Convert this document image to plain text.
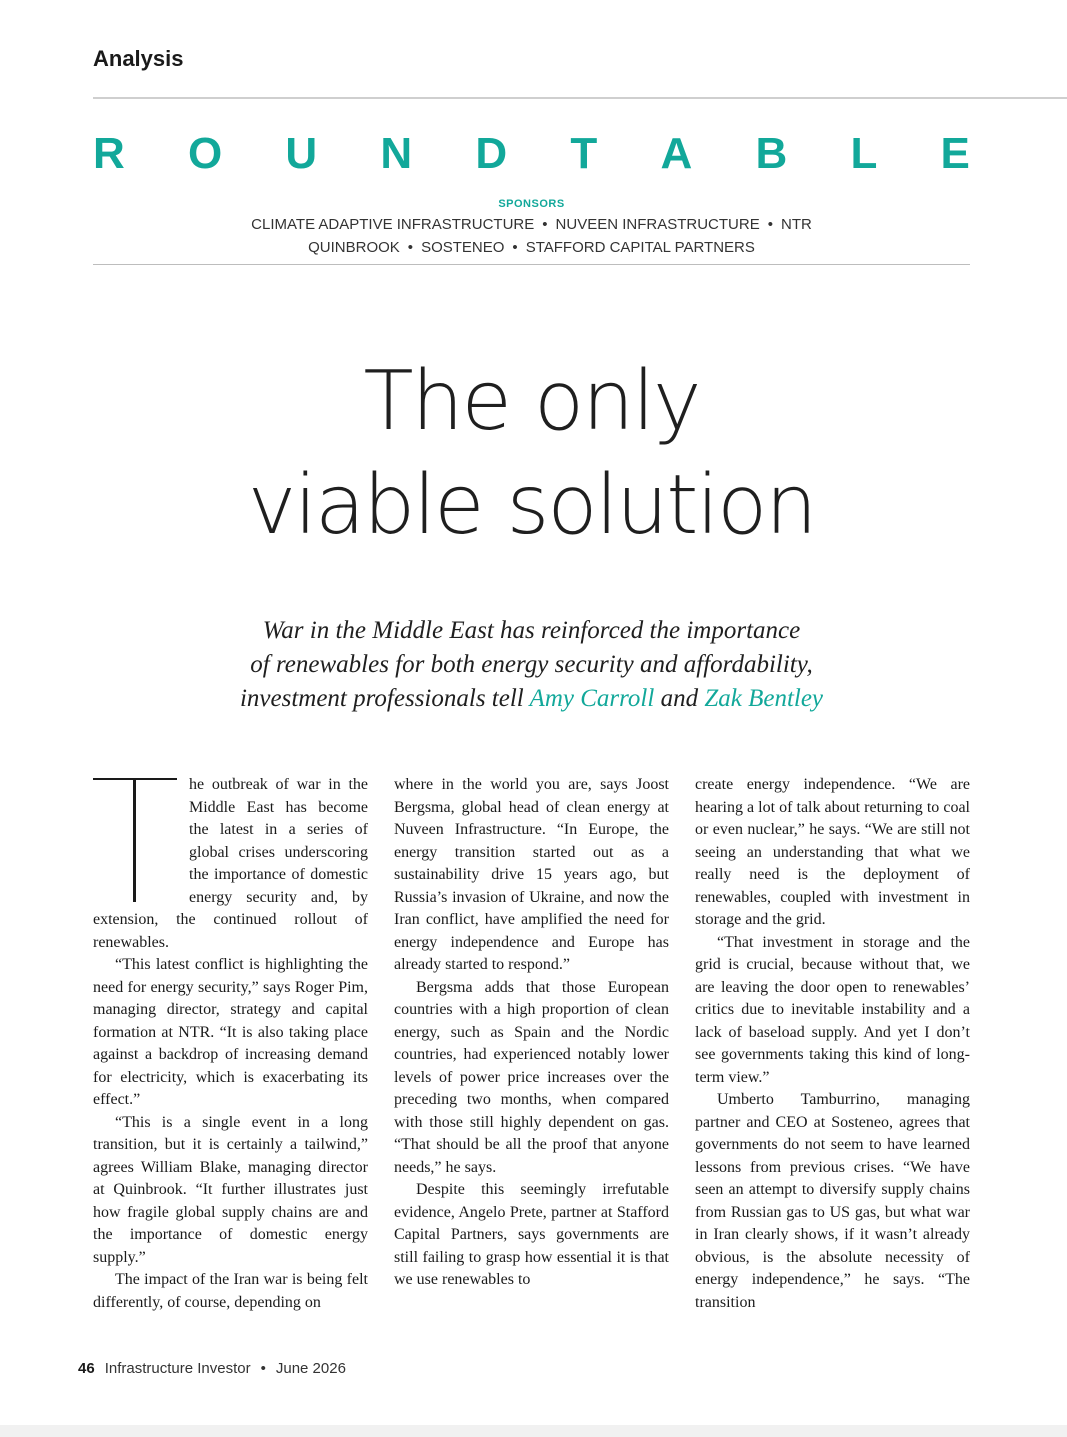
Analysis
R O U N D T A B L E
SPONSORS
CLIMATE ADAPTIVE INFRASTRUCTURE • NUVEEN INFRASTRUCTURE • NTR
QUINBROOK • SOSTENEO • STAFFORD CAPITAL PARTNERS
The only
viable solution

War in the Middle East has reinforced the importance
of renewables for both energy security and affordability,
investment professionals tell Amy Carroll and Zak Bentley

he outbreak of war in the Middle East has become the latest in a series of global crises underscoring the importance of domestic energy security and, by extension, the continued rollout of renewables.

“This latest conflict is highlighting the need for energy security,” says Roger Pim, managing director, strategy and capital formation at NTR. “It is also taking place against a backdrop of increasing demand for electricity, which is exacerbating its effect.”

“This is a single event in a long transition, but it is certainly a tailwind,” agrees William Blake, managing director at Quinbrook. “It further illustrates just how fragile global supply chains are and the importance of domestic energy supply.”

The impact of the Iran war is being felt differently, of course, depending on

where in the world you are, says Joost Bergsma, global head of clean energy at Nuveen Infrastructure. “In Europe, the energy transition started out as a sustainability drive 15 years ago, but Russia’s invasion of Ukraine, and now the Iran conflict, have amplified the need for energy independence and Europe has already started to respond.”

Bergsma adds that those European countries with a high proportion of clean energy, such as Spain and the Nordic countries, had experienced notably lower levels of power price increases over the preceding two months, when compared with those still highly dependent on gas. “That should be all the proof that anyone needs,” he says.

Despite this seemingly irrefutable evidence, Angelo Prete, partner at Stafford Capital Partners, says governments are still failing to grasp how essential it is that we use renewables to

create energy independence. “We are hearing a lot of talk about returning to coal or even nuclear,” he says. “We are still not seeing an understanding that what we really need is the deployment of renewables, coupled with investment in storage and the grid.

“That investment in storage and the grid is crucial, because without that, we are leaving the door open to renewables’ critics due to inevitable instability and a lack of baseload supply. And yet I don’t see governments taking this kind of long-term view.”

Umberto Tamburrino, managing partner and CEO at Sosteneo, agrees that governments do not seem to have learned lessons from previous crises. “We have seen an attempt to diversify supply chains from Russian gas to US gas, but what war in Iran clearly shows, if it wasn’t already obvious, is the absolute necessity of energy independence,” he says. “The transition

46 Infrastructure Investor • June 2026
